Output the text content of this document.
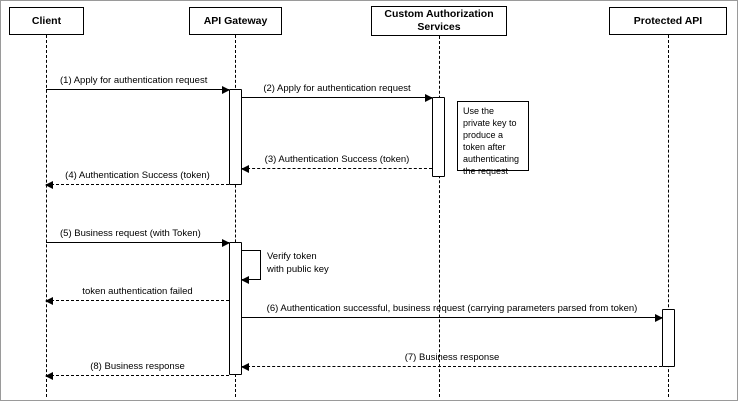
Client	API Gateway
Custom Authorization Services
Protected API
(1) Apply for authentication request
(2) Apply for authentication request
(3) Authentication Success (token)
(4) Authentication Success (token)
(5) Business request (with Token)
Verify token
with public key
token authentication failed
(6) Authentication successful, business request (carrying parameters parsed from token)
(7) Business response
(8) Business response
Use the private key to produce a token after authenticating the request
